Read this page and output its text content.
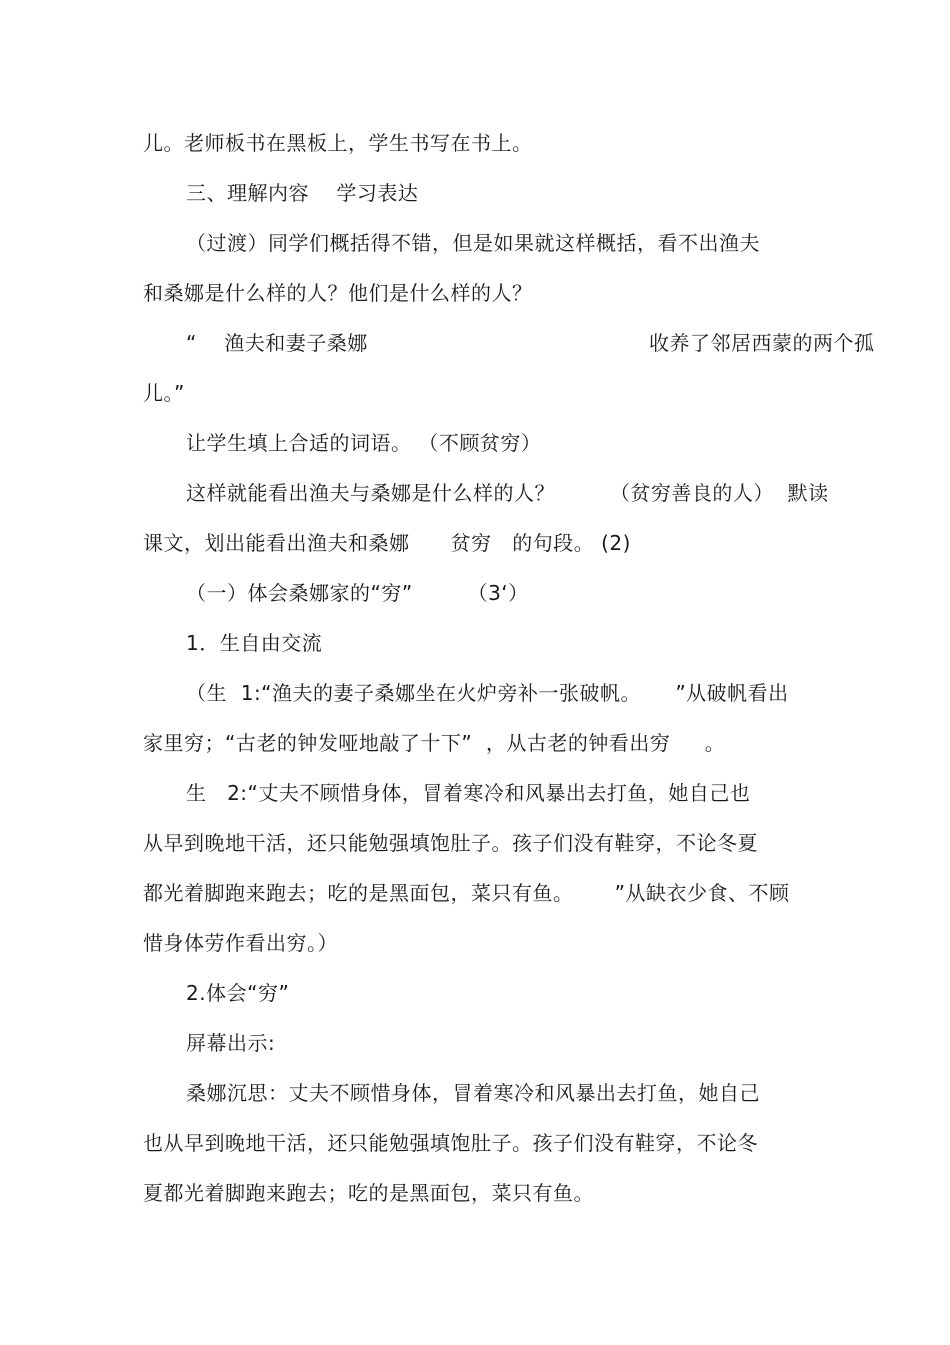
儿。老师板书在黑板上，学生书写在书上。
三、理解内容    学习表达
（过渡）同学们概括得不错，但是如果就这样概括，看不出渔夫
和桑娜是什么样的人？他们是什么样的人？
“    渔夫和妻子桑娜                                         收养了邻居西蒙的两个孤
儿。”
让学生填上合适的词语。 （不顾贫穷）
这样就能看出渔夫与桑娜是什么样的人？        （贫穷善良的人）  默读
课文，划出能看出渔夫和桑娜      贫穷   的句段。 (2)
（一）体会桑娜家的“穷”        （3‘）
1．生自由交流
（生  1:“渔夫的妻子桑娜坐在火炉旁补一张破帆。     ”从破帆看出
家里穷；“古老的钟发哑地敲了十下”  ，从古老的钟看出穷     。
生   2:“丈夫不顾惜身体，冒着寒冷和风暴出去打鱼，她自己也
从早到晚地干活，还只能勉强填饱肚子。孩子们没有鞋穿，不论冬夏
都光着脚跑来跑去；吃的是黑面包，菜只有鱼。      ”从缺衣少食、不顾
惜身体劳作看出穷。）
2.体会“穷”
屏幕出示:
桑娜沉思：丈夫不顾惜身体，冒着寒冷和风暴出去打鱼，她自己
也从早到晚地干活，还只能勉强填饱肚子。孩子们没有鞋穿，不论冬
夏都光着脚跑来跑去；吃的是黑面包，菜只有鱼。
